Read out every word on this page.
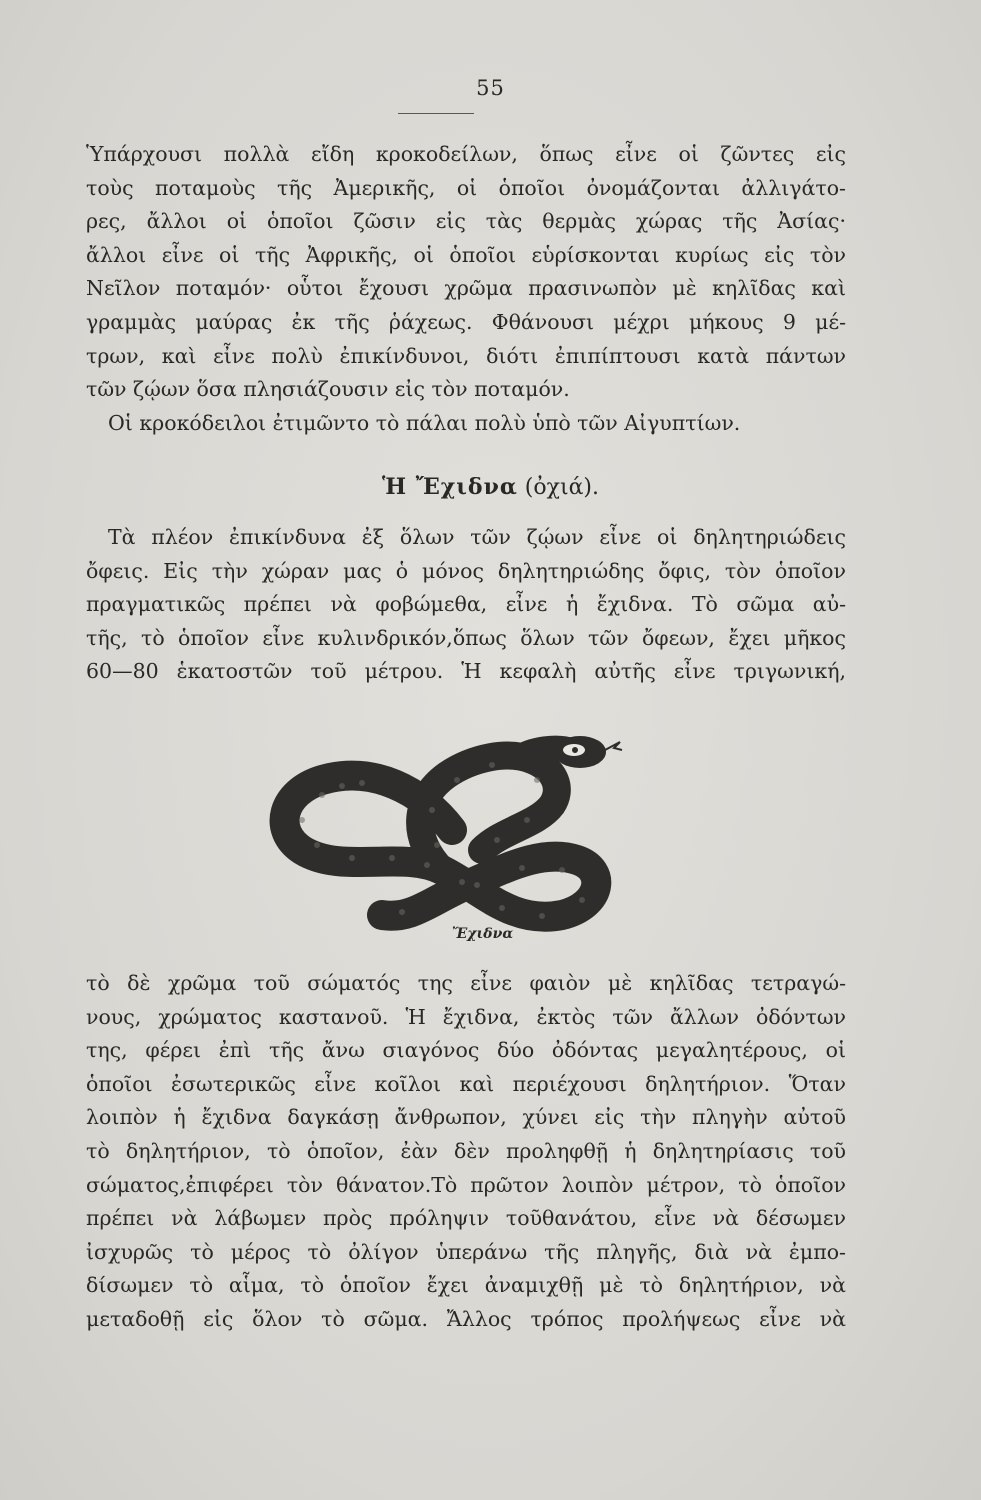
55
Ὑπάρχουσι πολλὰ εἴδη κροκοδείλων, ὅπως εἶνε οἱ ζῶντες εἰς
τοὺς ποταμοὺς τῆς Ἀμερικῆς, οἱ ὁποῖοι ὀνομάζονται ἀλλιγάτο-
ρες, ἄλλοι οἱ ὁποῖοι ζῶσιν εἰς τὰς θερμὰς χώρας τῆς Ἀσίας·
ἄλλοι εἶνε οἱ τῆς Ἀφρικῆς, οἱ ὁποῖοι εὑρίσκονται κυρίως εἰς τὸν
Νεῖλον ποταμόν· οὗτοι ἔχουσι χρῶμα πρασινωπὸν μὲ κηλῖδας καὶ
γραμμὰς μαύρας ἐκ τῆς ῥάχεως. Φθάνουσι μέχρι μήκους 9 μέ-
τρων, καὶ εἶνε πολὺ ἐπικίνδυνοι, διότι ἐπιπίπτουσι κατὰ πάντων
τῶν ζῴων ὅσα πλησιάζουσιν εἰς τὸν ποταμόν.
Οἱ κροκόδειλοι ἐτιμῶντο τὸ πάλαι πολὺ ὑπὸ τῶν Αἰγυπτίων.
Ἡ Ἔχιδνα (ὀχιά).
Τὰ πλέον ἐπικίνδυνα ἐξ ὅλων τῶν ζῴων εἶνε οἱ δηλητηριώδεις
ὄφεις. Εἰς τὴν χώραν μας ὁ μόνος δηλητηριώδης ὄφις, τὸν ὁποῖον
πραγματικῶς πρέπει νὰ φοβώμεθα, εἶνε ἡ ἔχιδνα. Τὸ σῶμα αὐ-
τῆς, τὸ ὁποῖον εἶνε κυλινδρικόν,ὅπως ὅλων τῶν ὄφεων, ἔχει μῆκος
60—80 ἑκατοστῶν τοῦ μέτρου. Ἡ κεφαλὴ αὐτῆς εἶνε τριγωνική,
Ἔχιδνα
τὸ δὲ χρῶμα τοῦ σώματός της εἶνε φαιὸν μὲ κηλῖδας τετραγώ-
νους, χρώματος καστανοῦ. Ἡ ἔχιδνα, ἐκτὸς τῶν ἄλλων ὀδόντων
της, φέρει ἐπὶ τῆς ἄνω σιαγόνος δύο ὀδόντας μεγαλητέρους, οἱ
ὁποῖοι ἐσωτερικῶς εἶνε κοῖλοι καὶ περιέχουσι δηλητήριον. Ὅταν
λοιπὸν ἡ ἔχιδνα δαγκάσῃ ἄνθρωπον, χύνει εἰς τὴν πληγὴν αὐτοῦ
τὸ δηλητήριον, τὸ ὁποῖον, ἐὰν δὲν προληφθῇ ἡ δηλητηρίασις τοῦ
σώματος,ἐπιφέρει τὸν θάνατον.Τὸ πρῶτον λοιπὸν μέτρον, τὸ ὁποῖον
πρέπει νὰ λάβωμεν πρὸς πρόληψιν τοῦθανάτου, εἶνε νὰ δέσωμεν
ἰσχυρῶς τὸ μέρος τὸ ὀλίγον ὑπεράνω τῆς πληγῆς, διὰ νὰ ἐμπο-
δίσωμεν τὸ αἷμα, τὸ ὁποῖον ἔχει ἀναμιχθῇ μὲ τὸ δηλητήριον, νὰ
μεταδοθῇ εἰς ὅλον τὸ σῶμα. Ἄλλος τρόπος προλήψεως εἶνε νὰ
